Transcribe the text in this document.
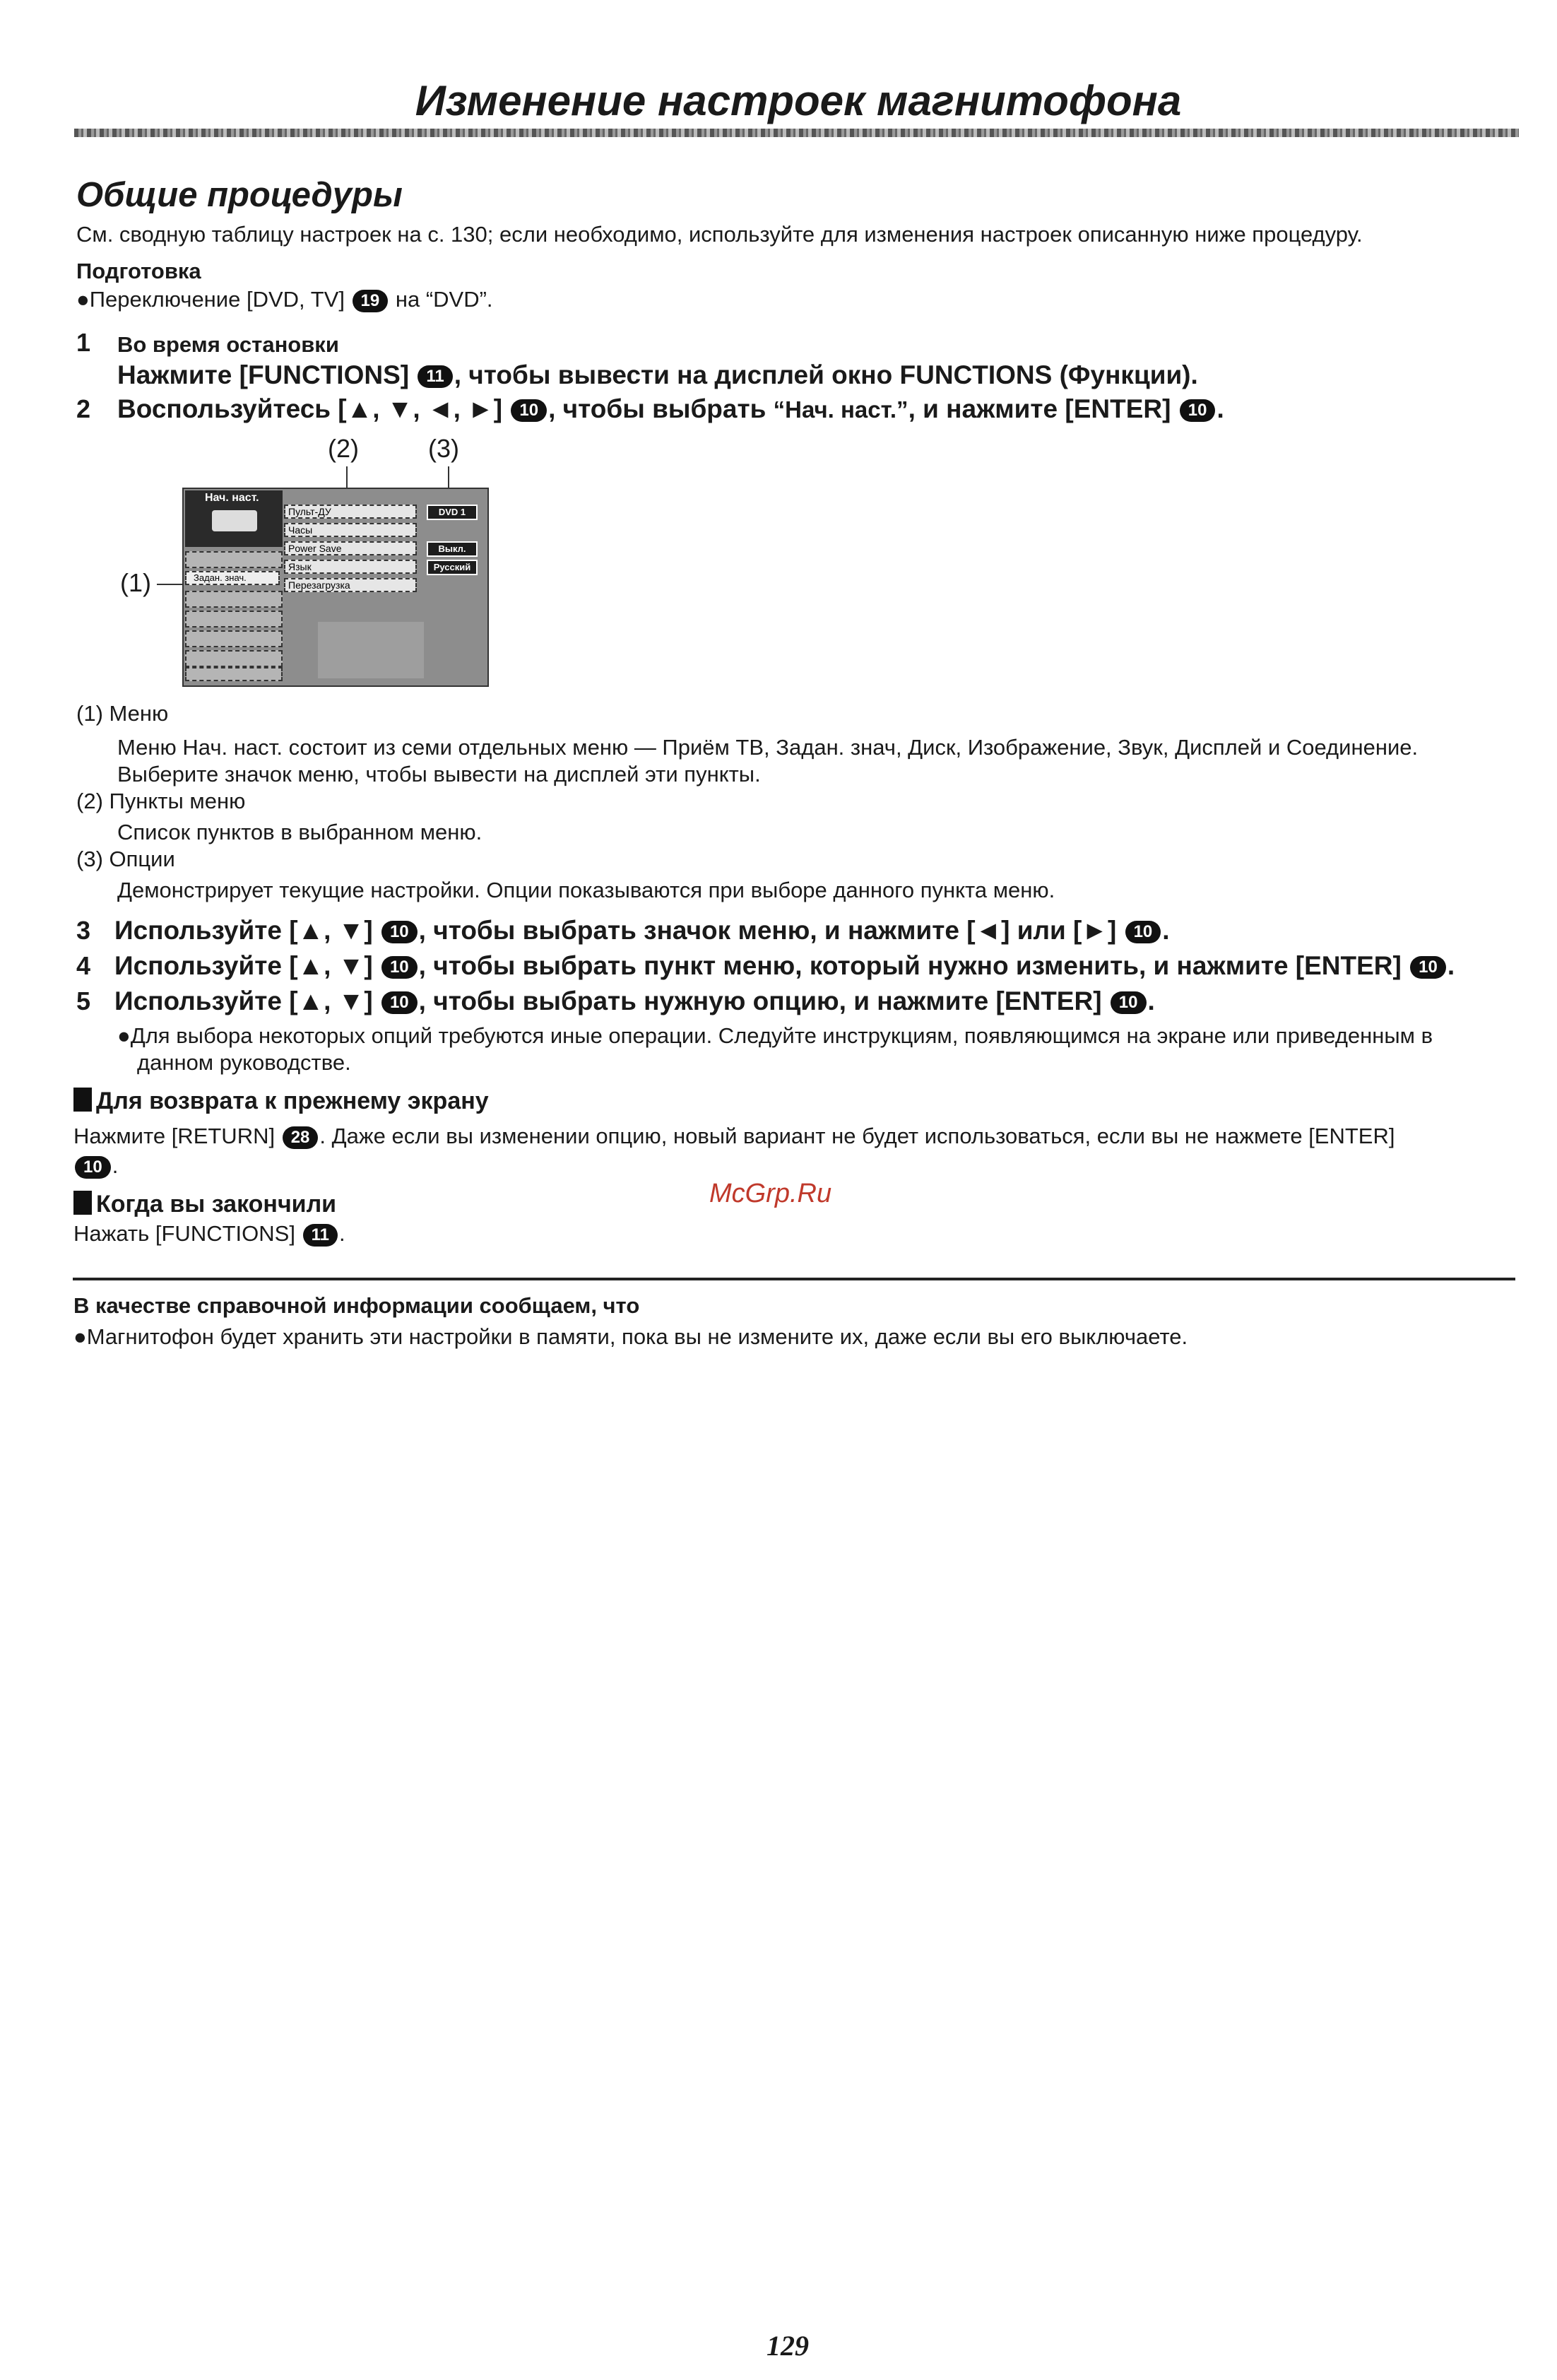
Изменение настроек магнитофона
Общие процедуры
См. сводную таблицу настроек на с. 130; если необходимо, используйте для изменения настроек описанную ниже процедуру.
Подготовка
●Переключение [DVD, TV] 19 на “DVD”.
1 Во время остановки
Нажмите [FUNCTIONS] 11 , чтобы вывести на дисплей окно FUNCTIONS (Функции).
2 Воспользуйтесь [▲, ▼, ◄, ►] 10 , чтобы выбрать “Нач. наст.”, и нажмите [ENTER] 10 .
(2)	(3)
(1)
Нач. наст.
Задан. знач.
Пульт-ДУ
Часы
Power Save
Язык
Перезагрузка
DVD 1
Выкл.
Русский
(1) Меню
Меню Нач. наст. состоит из семи отдельных меню — Приём ТВ, Задан. знач, Диск, Изображение, Звук, Дисплей и Соединение.
Выберите значок меню, чтобы вывести на дисплей эти пункты.
(2) Пункты меню
Список пунктов в выбранном меню.
(3) Опции
Демонстрирует текущие настройки. Опции показываются при выборе данного пункта меню.
3 Используйте [▲, ▼] 10 , чтобы выбрать значок меню, и нажмите [◄] или [►] 10 .
4 Используйте [▲, ▼] 10 , чтобы выбрать пункт меню, который нужно изменить, и нажмите [ENTER] 10 .
5 Используйте [▲, ▼] 10 , чтобы выбрать нужную опцию, и нажмите [ENTER] 10 .
●Для выбора некоторых опций требуются иные операции. Следуйте инструкциям, появляющимся на экране или приведенным в
данном руководстве.
Для возврата к прежнему экрану
Нажмите [RETURN] 28 . Даже если вы изменении опцию, новый вариант не будет использоваться, если вы не нажмете [ENTER]
10 .
McGrp.Ru
Когда вы закончили
Нажать [FUNCTIONS] 11 .
В качестве справочной информации сообщаем, что
●Магнитофон будет хранить эти настройки в памяти, пока вы не измените их, даже если вы его выключаете.
129
